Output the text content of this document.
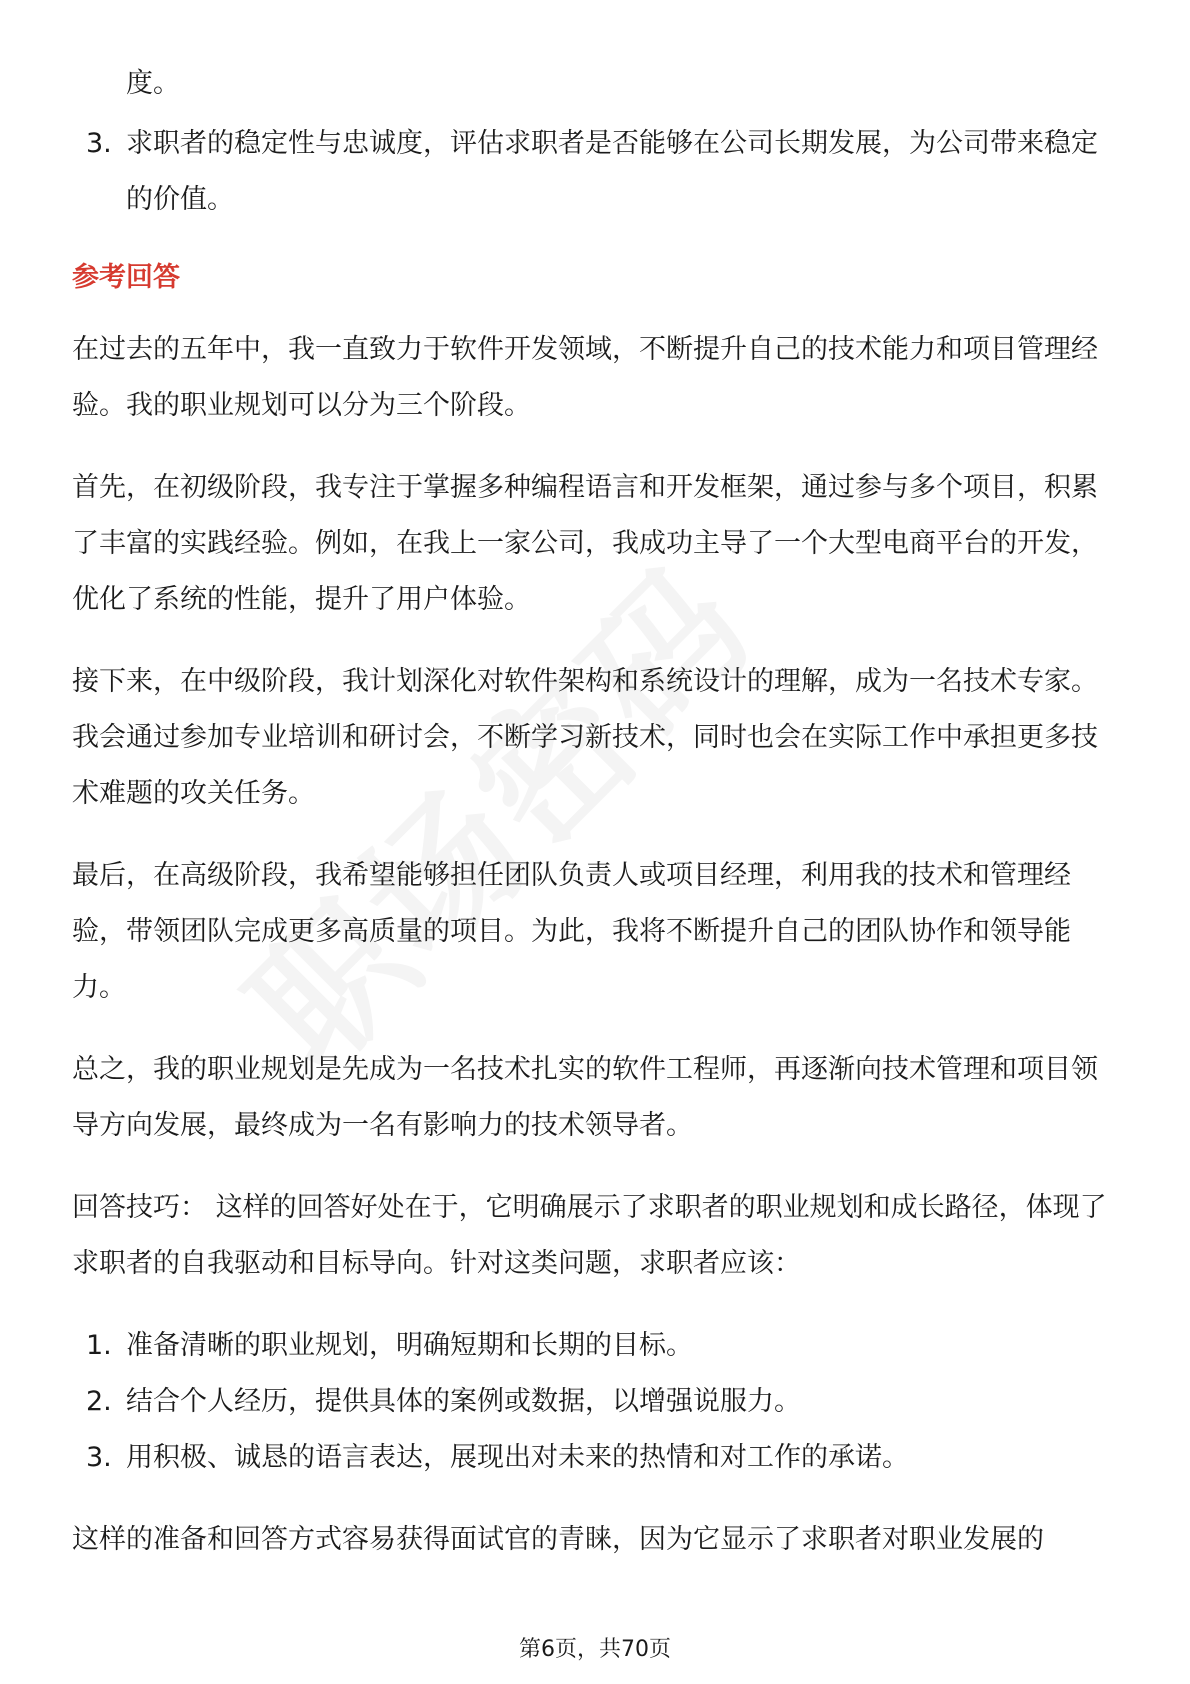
度。
3. 求职者的稳定性与忠诚度，评估求职者是否能够在公司长期发展，为公司带来稳定的价值。
参考回答

在过去的五年中，我一直致力于软件开发领域，不断提升自己的技术能力和项目管理经验。我的职业规划可以分为三个阶段。

首先，在初级阶段，我专注于掌握多种编程语言和开发框架，通过参与多个项目，积累了丰富的实践经验。例如，在我上一家公司，我成功主导了一个大型电商平台的开发，优化了系统的性能，提升了用户体验。

接下来，在中级阶段，我计划深化对软件架构和系统设计的理解，成为一名技术专家。我会通过参加专业培训和研讨会，不断学习新技术，同时也会在实际工作中承担更多技术难题的攻关任务。

最后，在高级阶段，我希望能够担任团队负责人或项目经理，利用我的技术和管理经验，带领团队完成更多高质量的项目。为此，我将不断提升自己的团队协作和领导能力。

总之，我的职业规划是先成为一名技术扎实的软件工程师，再逐渐向技术管理和项目领导方向发展，最终成为一名有影响力的技术领导者。

回答技巧： 这样的回答好处在于，它明确展示了求职者的职业规划和成长路径，体现了求职者的自我驱动和目标导向。针对这类问题，求职者应该：

1. 准备清晰的职业规划，明确短期和长期的目标。
2. 结合个人经历，提供具体的案例或数据，以增强说服力。
3. 用积极、诚恳的语言表达，展现出对未来的热情和对工作的承诺。

这样的准备和回答方式容易获得面试官的青睐，因为它显示了求职者对职业发展的

第6页，共70页
